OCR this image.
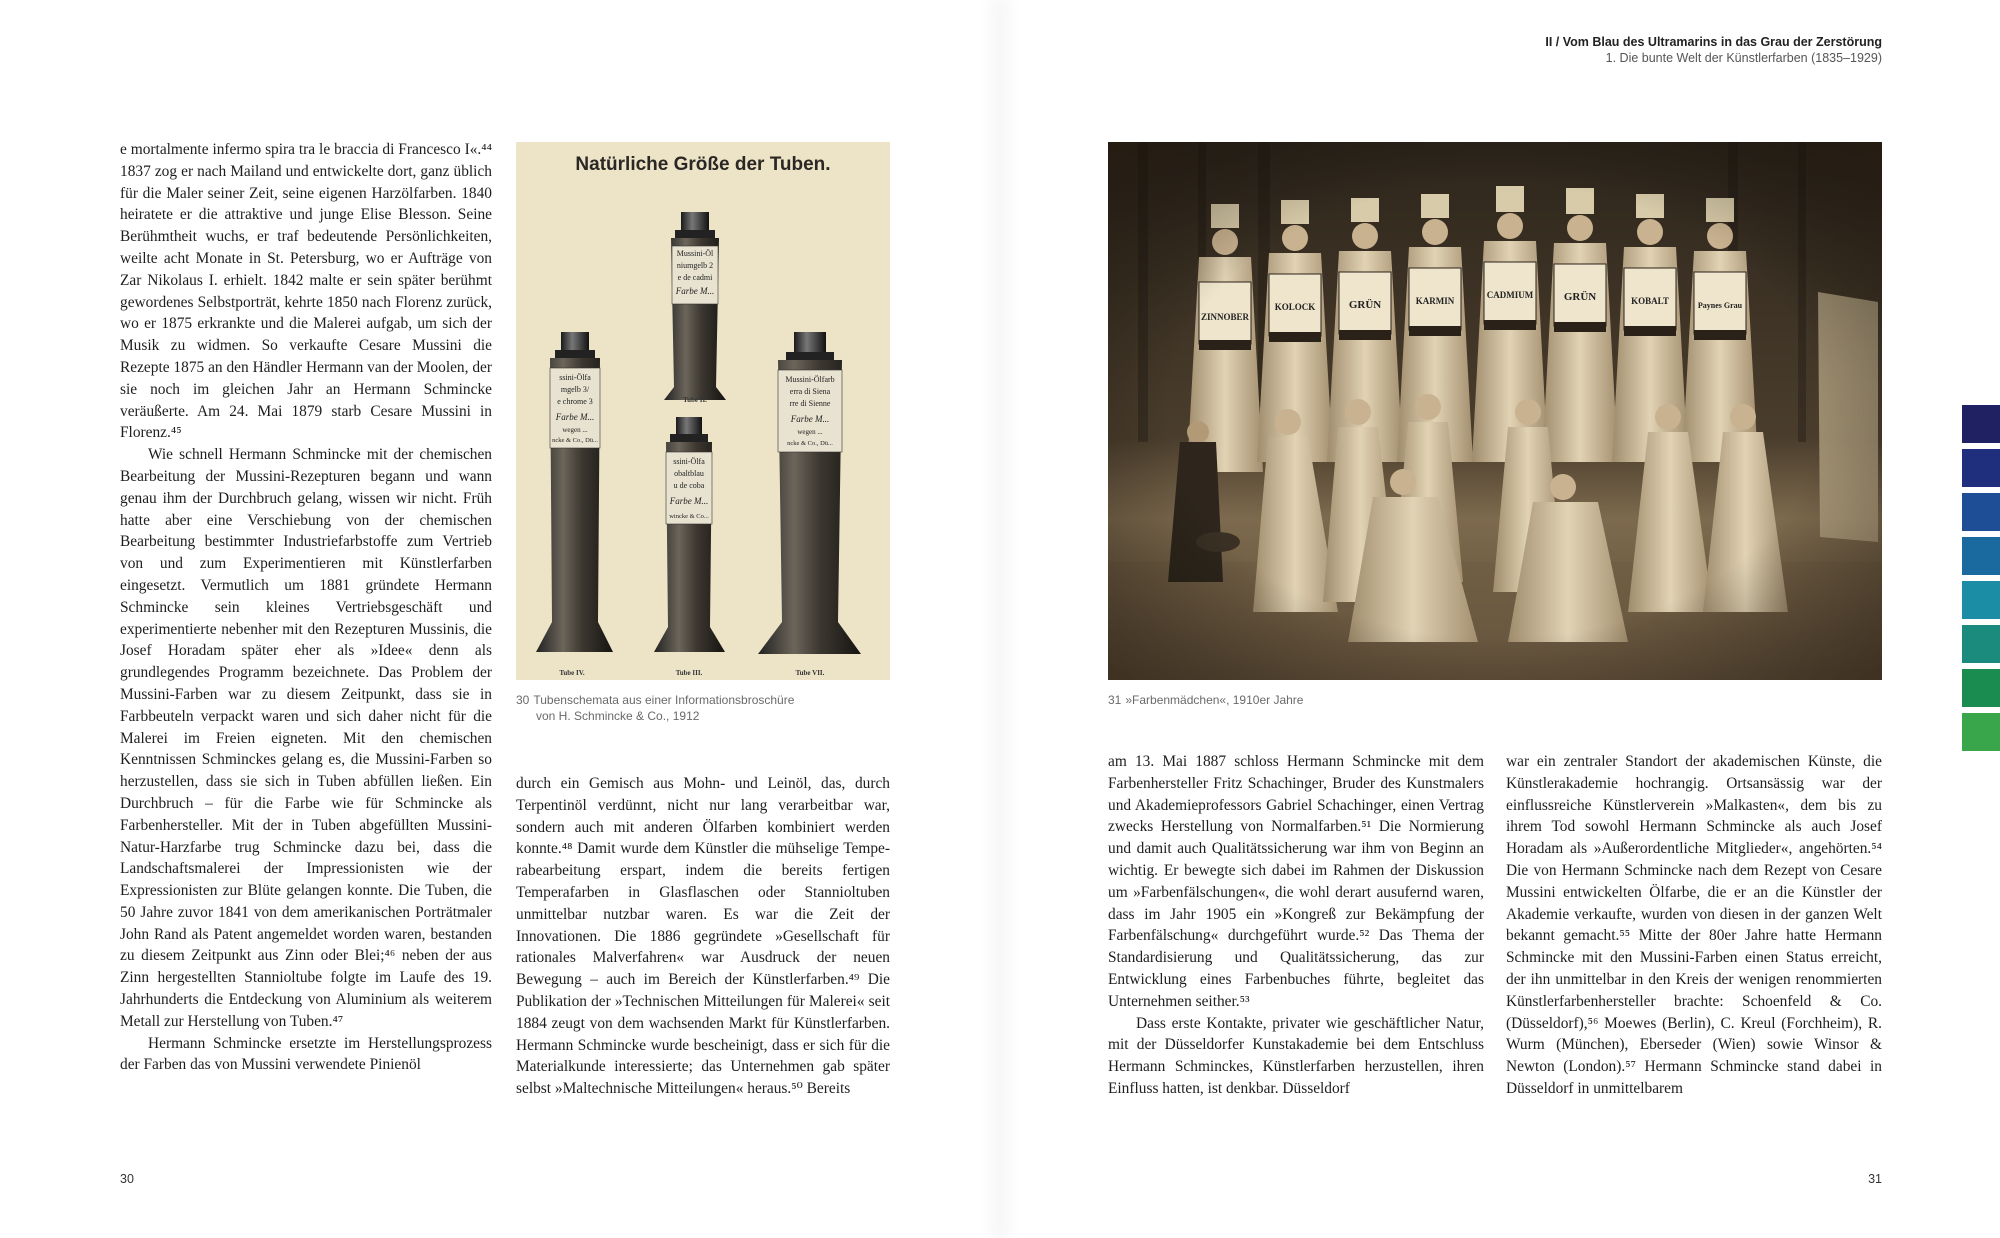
II / Vom Blau des Ultramarins in das Grau der Zerstörung
1. Die bunte Welt der Künstlerfarben (1835–1929)

e mortalmente infermo spira tra le braccia di Francesco I«.⁴⁴ 1837 zog er nach Mailand und entwickelte dort, ganz üblich für die Maler seiner Zeit, seine eigenen Harzölfarben. 1840 heiratete er die attraktive und junge Elise Blesson. Seine Berühmtheit wuchs, er traf bedeutende Persönlichkeiten, weilte acht Monate in St. Petersburg, wo er Aufträge von Zar Nikolaus I. erhielt. 1842 malte er sein später berühmt gewordenes Selbstporträt, kehrte 1850 nach Florenz zurück, wo er 1875 erkrankte und die Malerei aufgab, um sich der Musik zu widmen. So verkaufte Cesare Mussini die Rezepte 1875 an den Händler Hermann van der Moolen, der sie noch im gleichen Jahr an Hermann Schmincke veräußerte. Am 24. Mai 1879 starb Cesare Mussini in Florenz.⁴⁵

Wie schnell Hermann Schmincke mit der chemischen Bearbeitung der Mussini-Rezepturen begann und wann genau ihm der Durchbruch gelang, wissen wir nicht. Früh hatte aber eine Verschiebung von der chemischen Bearbeitung bestimmter Industriefarbstoffe zum Vertrieb von und zum Experimentieren mit Künstlerfarben eingesetzt. Vermutlich um 1881 gründete Hermann Schmincke sein kleines Vertriebsgeschäft und experimentierte nebenher mit den Rezepturen Mussinis, die Josef Horadam später eher als »Idee« denn als grundlegendes Programm bezeichnete. Das Problem der Mussini-Farben war zu diesem Zeitpunkt, dass sie in Farbbeuteln verpackt waren und sich daher nicht für die Malerei im Freien eigneten. Mit den chemischen Kenntnissen Schminckes gelang es, die Mussini-Farben so herzustellen, dass sie sich in Tuben abfüllen ließen. Ein Durchbruch – für die Farbe wie für Schmincke als Farbenhersteller. Mit der in Tuben abgefüllten Mussini-Natur-Harzfarbe trug Schmincke dazu bei, dass die Landschaftsmalerei der Impressionisten wie der Expressionisten zur Blüte gelangen konnte. Die Tuben, die 50 Jahre zuvor 1841 von dem amerikanischen Porträtmaler John Rand als Patent angemeldet worden waren, bestanden zu diesem Zeitpunkt aus Zinn oder Blei;⁴⁶ neben der aus Zinn hergestellten Stannioltube folgte im Laufe des 19. Jahrhunderts die Entdeckung von Aluminium als weiterem Metall zur Herstellung von Tuben.⁴⁷

Hermann Schmincke ersetzte im Herstellungsprozess der Farben das von Mussini verwendete Pinienöl

Natürliche Größe der Tuben.
Mussini-Öl
niumgelb 2
e de cadmi
Farbe M...
Tube II.
ssini-Ölfa
mgelb 3/
e chrome 3
Farbe M...
wegen ...
ncke & Co., Dü...
Tube IV.
ssini-Ölfa
obaltblau
u de coba
Farbe M...
wincke & Co...
Tube III.
Mussini-Ölfarb
erra di Siena
rre di Sienne
Farbe M...
wegen ...
ncke & Co., Dü...
Tube VII.
30 Tubenschemata aus einer Informationsbroschüre
von H. Schmincke & Co., 1912

durch ein Gemisch aus Mohn- und Leinöl, das, durch Terpentinöl verdünnt, nicht nur lang verarbeitbar war, sondern auch mit anderen Ölfarben kombiniert werden konnte.⁴⁸ Damit wurde dem Künstler die mühselige Temperabearbeitung erspart, indem die bereits fertigen Temperafarben in Glasflaschen oder Stannioltuben unmittelbar nutzbar waren. Es war die Zeit der Innovationen. Die 1886 gegründete »Gesellschaft für rationales Malverfahren« war Ausdruck der neuen Bewegung – auch im Bereich der Künstlerfarben.⁴⁹ Die Publikation der »Technischen Mitteilungen für Malerei« seit 1884 zeugt von dem wachsenden Markt für Künstlerfarben. Hermann Schmincke wurde bescheinigt, dass er sich für die Materialkunde interessierte; das Unternehmen gab später selbst »Maltechnische Mitteilungen« heraus.⁵⁰ Bereits

30
31 »Farbenmädchen«, 1910er Jahre

am 13. Mai 1887 schloss Hermann Schmincke mit dem Farbenhersteller Fritz Schachinger, Bruder des Kunstmalers und Akademieprofessors Gabriel Schachinger, einen Vertrag zwecks Herstellung von Normalfarben.⁵¹ Die Normierung und damit auch Qualitätssicherung war ihm von Beginn an wichtig. Er bewegte sich dabei im Rahmen der Diskussion um »Farbenfälschungen«, die wohl derart ausufernd waren, dass im Jahr 1905 ein »Kongreß zur Bekämpfung der Farbenfälschung« durchgeführt wurde.⁵² Das Thema der Standardisierung und Qualitätssicherung, das zur Entwicklung eines Farbenbuches führte, begleitet das Unternehmen seither.⁵³

Dass erste Kontakte, privater wie geschäftlicher Natur, mit der Düsseldorfer Kunstakademie bei dem Entschluss Hermann Schminckes, Künstlerfarben herzustellen, ihren Einfluss hatten, ist denkbar. Düsseldorf

war ein zentraler Standort der akademischen Künste, die Künstlerakademie hochrangig. Ortsansässig war der einflussreiche Künstlerverein »Malkasten«, dem bis zu ihrem Tod sowohl Hermann Schmincke als auch Josef Horadam als »Außerordentliche Mitglieder«, angehörten.⁵⁴ Die von Hermann Schmincke nach dem Rezept von Cesare Mussini entwickelten Ölfarbe, die er an die Künstler der Akademie verkaufte, wurden von diesen in der ganzen Welt bekannt gemacht.⁵⁵ Mitte der 80er Jahre hatte Hermann Schmincke mit den Mussini-Farben einen Status erreicht, der ihn unmittelbar in den Kreis der wenigen renommierten Künstlerfarbenhersteller brachte: Schoenfeld & Co. (Düsseldorf),⁵⁶ Moewes (Berlin), C. Kreul (Forchheim), R. Wurm (München), Eberseder (Wien) sowie Winsor & Newton (London).⁵⁷ Hermann Schmincke stand dabei in Düsseldorf in unmittelbarem

31
